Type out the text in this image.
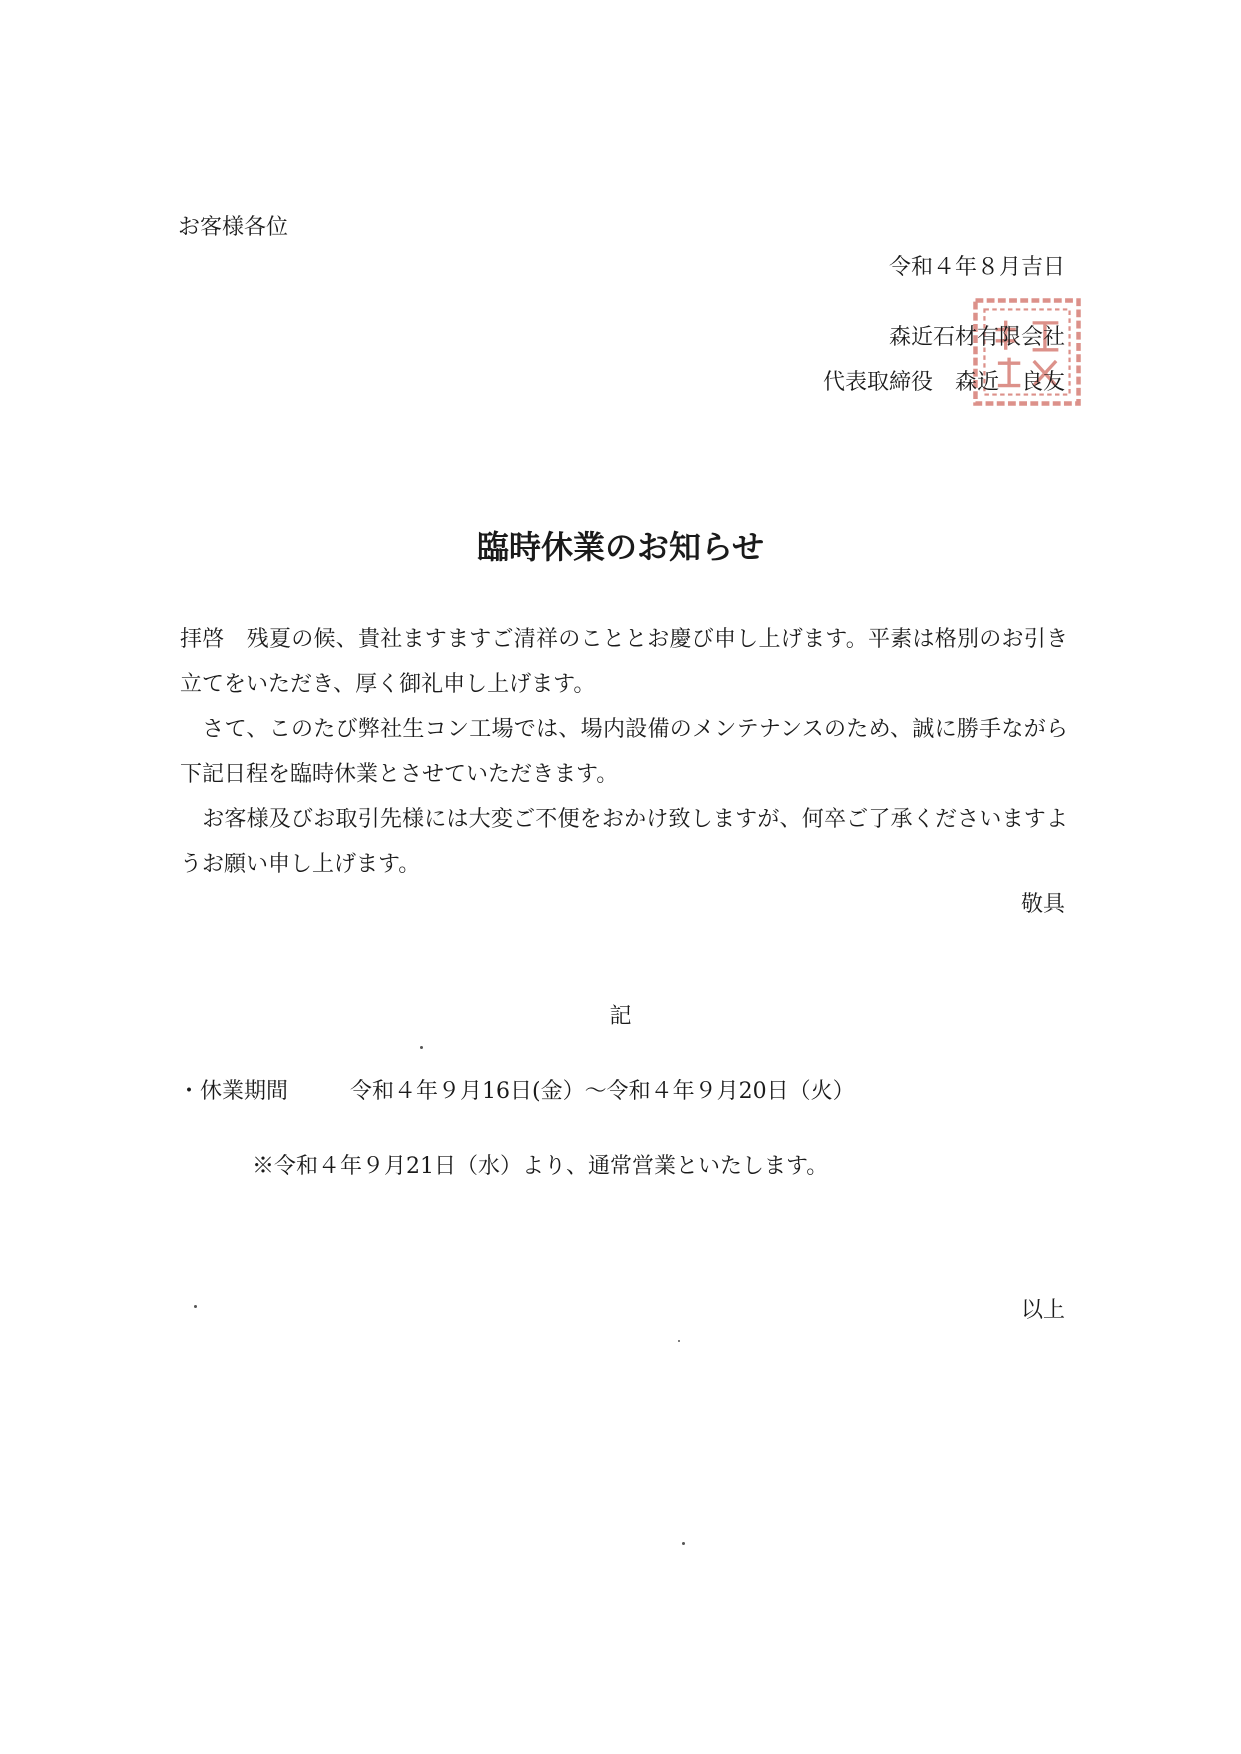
お客様各位
令和４年８月吉日
森近石材有限会社
代表取締役　森近　良友
臨時休業のお知らせ

拝啓　残夏の候、貴社ますますご清祥のこととお慶び申し上げます。平素は格別のお引き立てをいただき、厚く御礼申し上げます。

　さて、このたび弊社生コン工場では、場内設備のメンテナンスのため、誠に勝手ながら下記日程を臨時休業とさせていただきます。

　お客様及びお取引先様には大変ご不便をおかけ致しますが、何卒ご了承くださいますようお願い申し上げます。

敬具
記
・休業期間	令和４年９月16日(金）～令和４年９月20日（火）
※令和４年９月21日（水）より、通常営業といたします。
以上
